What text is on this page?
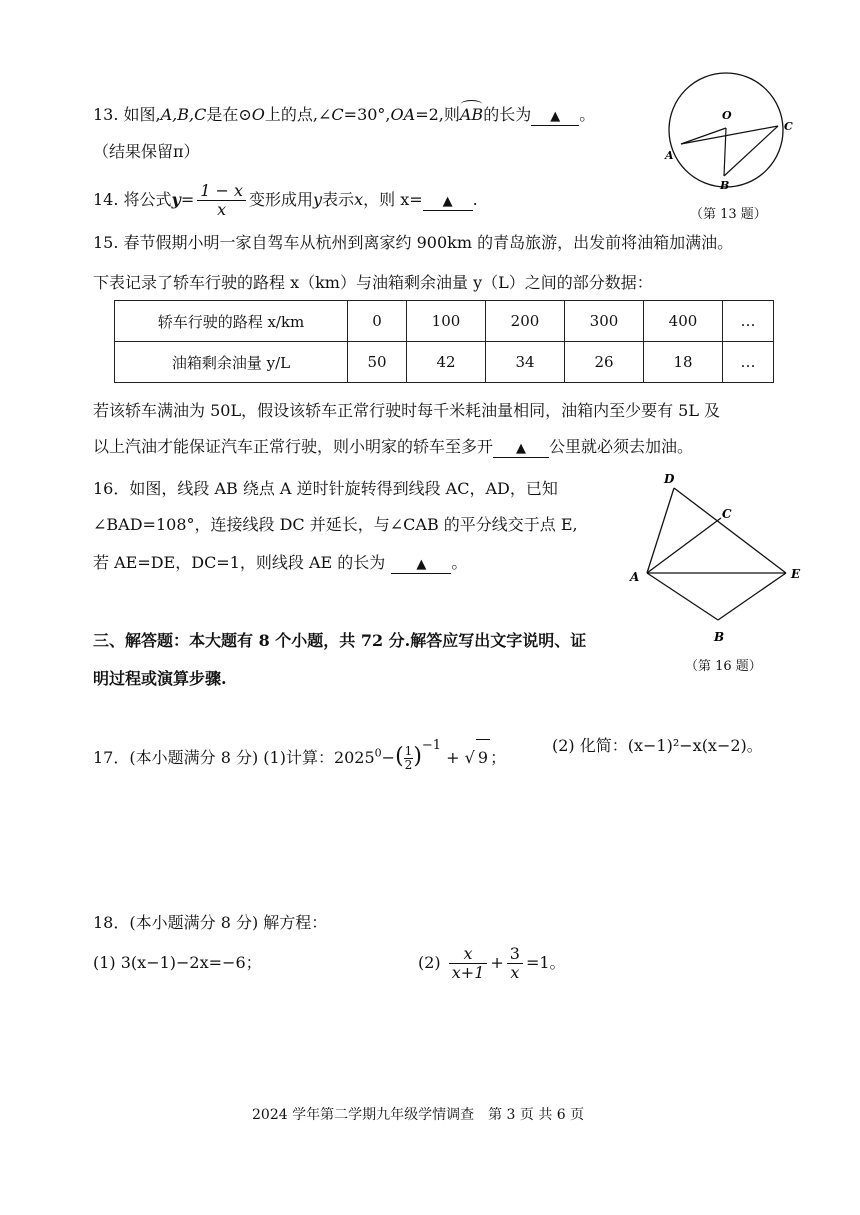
13. 如图,A,B,C是在⊙O上的点,∠C=30°,OA=2,则AB的长为 ▲ 。
（结果保留π）
O
A
B
C
（第 13 题）
14. 将公式$y= \frac{1 - x}{x}$ 变形成用y表示x，则 x= ▲ .
15. 春节假期小明一家自驾车从杭州到离家约 900km 的青岛旅游，出发前将油箱加满油。
下表记录了轿车行驶的路程 x（km）与油箱剩余油量 y（L）之间的部分数据：
轿车行驶的路程 x/km	0	100	200	300	400	…
油箱剩余油量 y/L	50	42	34	26	18	…
若该轿车满油为 50L，假设该轿车正常行驶时每千米耗油量相同，油箱内至少要有 5L 及
以上汽油才能保证汽车正常行驶，则小明家的轿车至多开 ▲ 公里就必须去加油。
16．如图，线段 AB 绕点 A 逆时针旋转得到线段 AC，AD，已知
∠BAD=108°，连接线段 DC 并延长，与∠CAB 的平分线交于点 E,
若 AE=DE，DC=1，则线段 AE 的长为 ▲ 。
D
C
A	E
B
（第 16 题）
三、解答题：本大题有 8 个小题，共 72 分.解答应写出文字说明、证
明过程或演算步骤.
17．(本小题满分 8 分) (1)计算：$2025^0-( \frac{1}{2} )^{-1}$ + √ 9 ；
(2) 化简：(x−1)²−x(x−2)。
18．(本小题满分 8 分) 解方程：
(1) 3(x−1)−2x=−6；	$(2) \frac{x}{x+1} + \frac{3}{x} =1$。
2024 学年第二学期九年级学情调查　第 3 页 共 6 页
